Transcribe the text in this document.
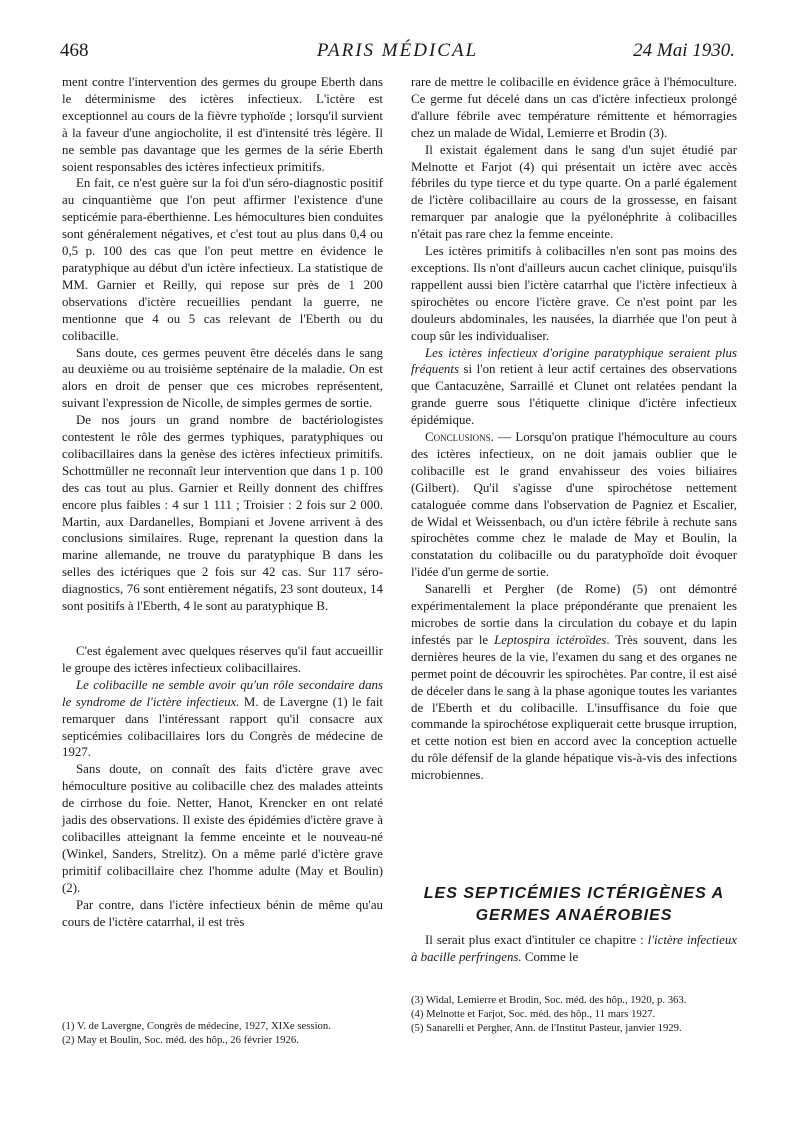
468	PARIS MÉDICAL	24 Mai 1930.

ment contre l'intervention des germes du groupe Eberth dans le déterminisme des ictères infectieux. L'ictère est exceptionnel au cours de la fièvre typhoïde ; lorsqu'il survient à la faveur d'une angiocholite, il est d'intensité très légère. Il ne semble pas davantage que les germes de la série Eberth soient responsables des ictères infectieux primitifs.

En fait, ce n'est guère sur la foi d'un séro-diagnostic positif au cinquantième que l'on peut affirmer l'existence d'une septicémie para-éberthienne. Les hémocultures bien conduites sont généralement négatives, et c'est tout au plus dans 0,4 ou 0,5 p. 100 des cas que l'on peut mettre en évidence le paratyphique au début d'un ictère infectieux. La statistique de MM. Garnier et Reilly, qui repose sur près de 1 200 observations d'ictère recueillies pendant la guerre, ne mentionne que 4 ou 5 cas relevant de l'Eberth ou du colibacille.

Sans doute, ces germes peuvent être décelés dans le sang au deuxième ou au troisième septénaire de la maladie. On est alors en droit de penser que ces microbes représentent, suivant l'expression de Nicolle, de simples germes de sortie.

De nos jours un grand nombre de bactériologistes contestent le rôle des germes typhiques, paratyphiques ou colibacillaires dans la genèse des ictères infectieux primitifs. Schottmüller ne reconnaît leur intervention que dans 1 p. 100 des cas tout au plus. Garnier et Reilly donnent des chiffres encore plus faibles : 4 sur 1 111 ; Troisier : 2 fois sur 2 000. Martin, aux Dardanelles, Bompiani et Jovene arrivent à des conclusions similaires. Ruge, reprenant la question dans la marine allemande, ne trouve du paratyphique B dans les selles des ictériques que 2 fois sur 42 cas. Sur 117 séro-diagnostics, 76 sont entièrement négatifs, 23 sont douteux, 14 sont positifs à l'Eberth, 4 le sont au paratyphique B.

C'est également avec quelques réserves qu'il faut accueillir le groupe des ictères infectieux colibacillaires.

Le colibacille ne semble avoir qu'un rôle secondaire dans le syndrome de l'ictère infectieux. M. de Lavergne (1) le fait remarquer dans l'intéressant rapport qu'il consacre aux septicémies colibacillaires lors du Congrès de médecine de 1927.

Sans doute, on connaît des faits d'ictère grave avec hémoculture positive au colibacille chez des malades atteints de cirrhose du foie. Netter, Hanot, Krencker en ont relaté jadis des observations. Il existe des épidémies d'ictère grave à colibacilles atteignant la femme enceinte et le nouveau-né (Winkel, Sanders, Strelitz). On a même parlé d'ictère grave primitif colibacillaire chez l'homme adulte (May et Boulin) (2).

Par contre, dans l'ictère infectieux bénin de même qu'au cours de l'ictère catarrhal, il est très

rare de mettre le colibacille en évidence grâce à l'hémoculture. Ce germe fut décelé dans un cas d'ictère infectieux prolongé d'allure fébrile avec température rémittente et hémorragies chez un malade de Widal, Lemierre et Brodin (3).

Il existait également dans le sang d'un sujet étudié par Melnotte et Farjot (4) qui présentait un ictère avec accès fébriles du type tierce et du type quarte. On a parlé également de l'ictère colibacillaire au cours de la grossesse, en faisant remarquer par analogie que la pyélonéphrite à colibacilles n'était pas rare chez la femme enceinte.

Les ictères primitifs à colibacilles n'en sont pas moins des exceptions. Ils n'ont d'ailleurs aucun cachet clinique, puisqu'ils rappellent aussi bien l'ictère catarrhal que l'ictère infectieux à spirochètes ou encore l'ictère grave. Ce n'est point par les douleurs abdominales, les nausées, la diarrhée que l'on peut à coup sûr les individualiser.

Les ictères infectieux d'origine paratyphique seraient plus fréquents si l'on retient à leur actif certaines des observations que Cantacuzène, Sarraillé et Clunet ont relatées pendant la grande guerre sous l'étiquette clinique d'ictère infectieux épidémique.

Conclusions. — Lorsqu'on pratique l'hémoculture au cours des ictères infectieux, on ne doit jamais oublier que le colibacille est le grand envahisseur des voies biliaires (Gilbert). Qu'il s'agisse d'une spirochétose nettement cataloguée comme dans l'observation de Pagniez et Escalier, de Widal et Weissenbach, ou d'un ictère fébrile à rechute sans spirochètes comme chez le malade de May et Boulin, la constatation du colibacille ou du paratyphoïde doit évoquer l'idée d'un germe de sortie.

Sanarelli et Pergher (de Rome) (5) ont démontré expérimentalement la place prépondérante que prenaient les microbes de sortie dans la circulation du cobaye et du lapin infestés par le Leptospira ictéroïdes. Très souvent, dans les dernières heures de la vie, l'examen du sang et des organes ne permet point de découvrir les spirochètes. Par contre, il est aisé de déceler dans le sang à la phase agonique toutes les variantes de l'Eberth et du colibacille. L'insuffisance du foie que commande la spirochétose expliquerait cette brusque irruption, et cette notion est bien en accord avec la conception actuelle du rôle défensif de la glande hépatique vis-à-vis des infections microbiennes.

LES SEPTICÉMIES ICTÉRIGÈNES A GERMES ANAÉROBIES

Il serait plus exact d'intituler ce chapitre : l'ictère infectieux à bacille perfringens. Comme le

(1) V. de Lavergne, Congrès de médecine, 1927, XIXe session.

(2) May et Boulin, Soc. méd. des hôp., 26 février 1926.

(3) Widal, Lemierre et Brodin, Soc. méd. des hôp., 1920, p. 363.

(4) Melnotte et Farjot, Soc. méd. des hôp., 11 mars 1927.

(5) Sanarelli et Pergher, Ann. de l'Institut Pasteur, janvier 1929.
